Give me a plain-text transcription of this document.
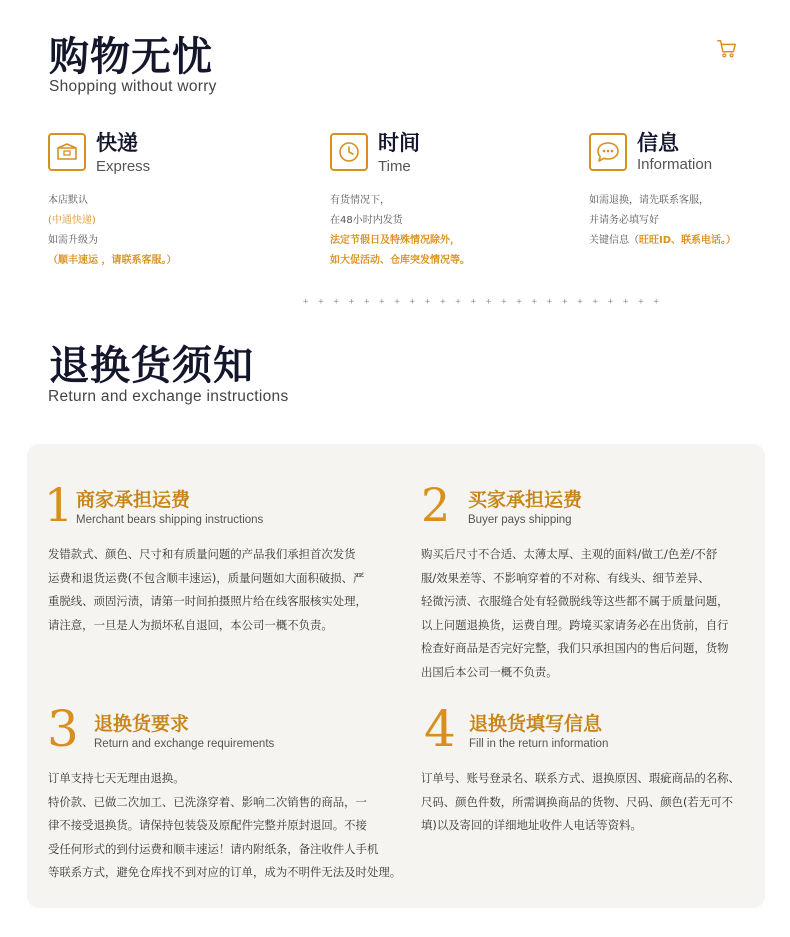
购物无忧
Shopping without worry
快递
Express
本店默认
(中通快递)
如需升级为
（顺丰速运 ，请联系客服。）
时间
Time
有货情况下，
在48小时内发货
法定节假日及特殊情况除外，
如大促活动、仓库突发情况等。
信息
Information
如需退换，请先联系客服，
并请务必填写好
关键信息（旺旺ID、联系电话。）
+ + + + + + + + + + + + + + + + + + + + + + + +
退换货须知
Return and exchange instructions
1 商家承担运费
Merchant bears shipping instructions
发错款式、颜色、尺寸和有质量问题的产品我们承担首次发货
运费和退货运费(不包含顺丰速运)，质量问题如大面积破损、严
重脱线、顽固污渍，请第一时间拍摄照片给在线客服核实处理，
请注意，一旦是人为损坏私自退回，本公司一概不负责。
2 买家承担运费
Buyer pays shipping
购买后尺寸不合适、太薄太厚、主观的面料/做工/色差/不舒
服/效果差等、不影响穿着的不对称、有线头、细节差异、
轻微污渍、衣服缝合处有轻微脱线等这些都不属于质量问题，
以上问题退换货，运费自理。跨境买家请务必在出货前，自行
检查好商品是否完好完整，我们只承担国内的售后问题，货物
出国后本公司一概不负责。
3 退换货要求
Return and exchange requirements
订单支持七天无理由退换。
特价款、已做二次加工、已洗涤穿着、影响二次销售的商品，一
律不接受退换货。请保持包装袋及原配件完整并原封退回。不接
受任何形式的到付运费和顺丰速运！请内附纸条，备注收件人手机
等联系方式，避免仓库找不到对应的订单，成为不明件无法及时处理。
4 退换货填写信息
Fill in the return information
订单号、账号登录名、联系方式、退换原因、瑕疵商品的名称、
尺码、颜色件数，所需调换商品的货物、尺码、颜色(若无可不
填)以及寄回的详细地址收件人电话等资料。
